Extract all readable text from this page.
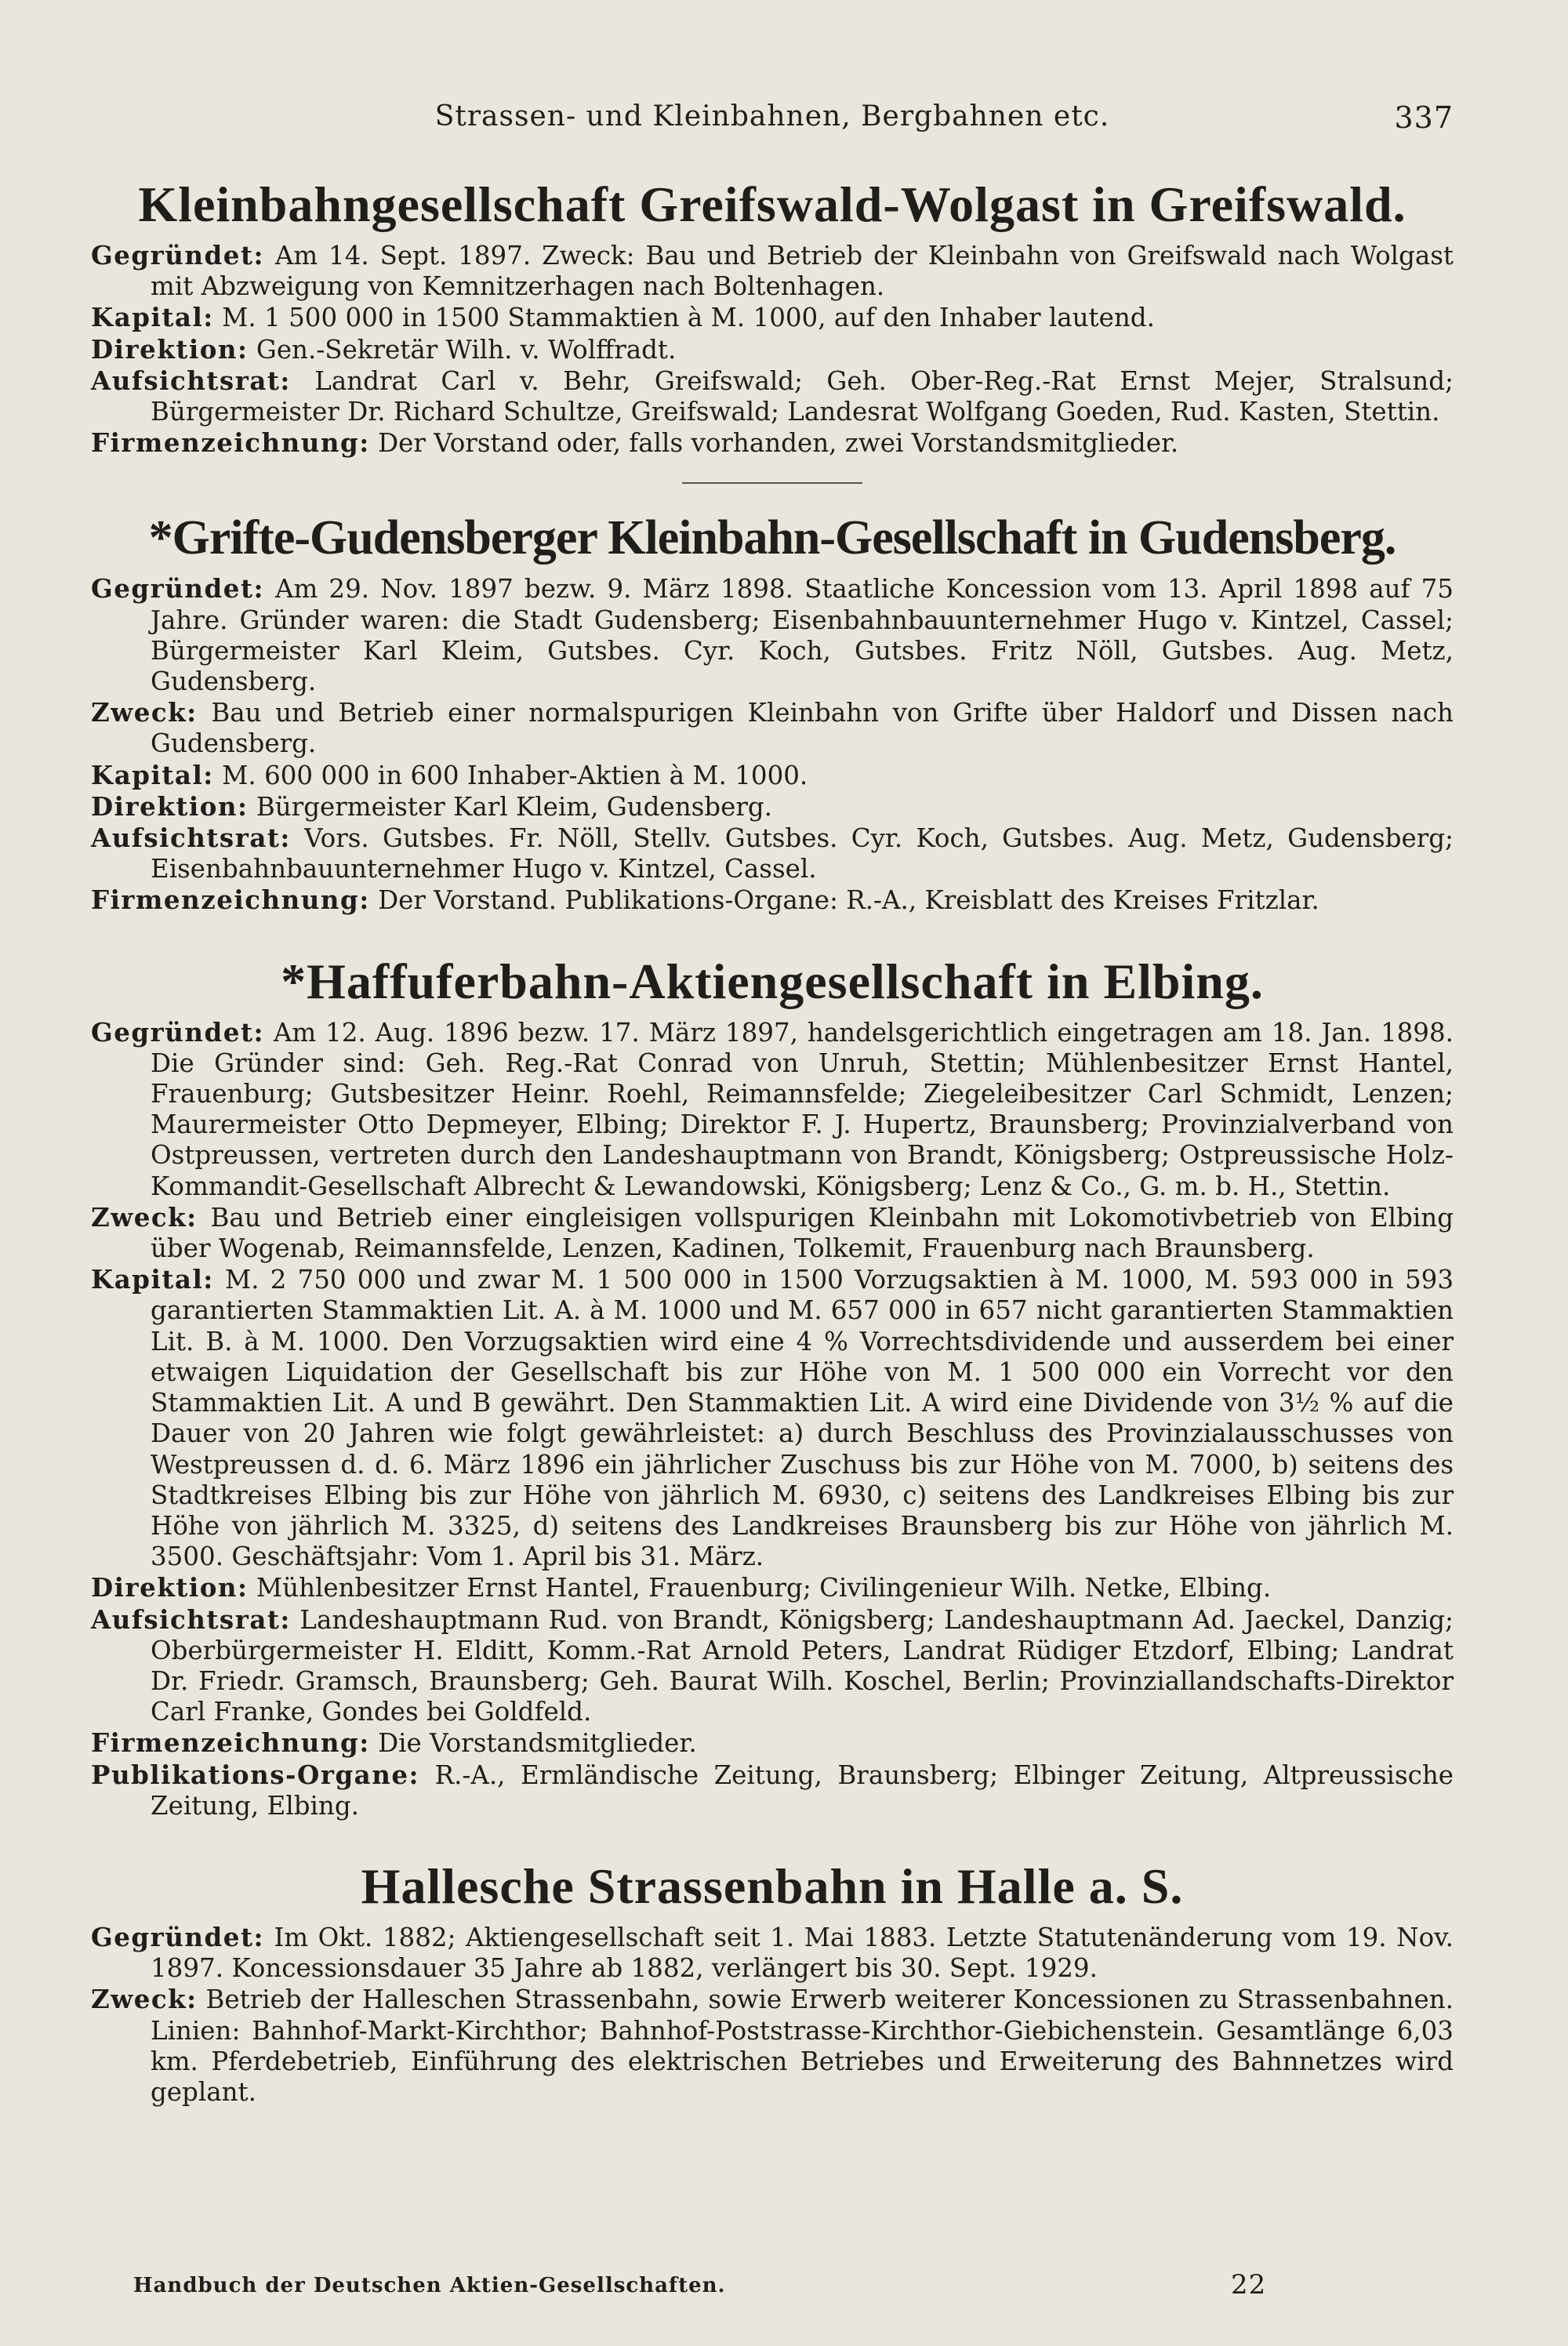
Strassen- und Kleinbahnen, Bergbahnen etc.	337
Kleinbahngesellschaft Greifswald-Wolgast in Greifswald.

Gegründet: Am 14. Sept. 1897. Zweck: Bau und Betrieb der Kleinbahn von Greifswald nach Wolgast mit Abzweigung von Kemnitzerhagen nach Boltenhagen.

Kapital: M. 1 500 000 in 1500 Stammaktien à M. 1000, auf den Inhaber lautend.

Direktion: Gen.-Sekretär Wilh. v. Wolffradt.

Aufsichtsrat: Landrat Carl v. Behr, Greifswald; Geh. Ober-Reg.-Rat Ernst Mejer, Stralsund; Bürgermeister Dr. Richard Schultze, Greifswald; Landesrat Wolfgang Goeden, Rud. Kasten, Stettin.

Firmenzeichnung: Der Vorstand oder, falls vorhanden, zwei Vorstandsmitglieder.

*Grifte-Gudensberger Kleinbahn-Gesellschaft in Gudensberg.

Gegründet: Am 29. Nov. 1897 bezw. 9. März 1898. Staatliche Koncession vom 13. April 1898 auf 75 Jahre. Gründer waren: die Stadt Gudensberg; Eisenbahnbauunternehmer Hugo v. Kintzel, Cassel; Bürgermeister Karl Kleim, Gutsbes. Cyr. Koch, Gutsbes. Fritz Nöll, Gutsbes. Aug. Metz, Gudensberg.

Zweck: Bau und Betrieb einer normalspurigen Kleinbahn von Grifte über Haldorf und Dissen nach Gudensberg.

Kapital: M. 600 000 in 600 Inhaber-Aktien à M. 1000.

Direktion: Bürgermeister Karl Kleim, Gudensberg.

Aufsichtsrat: Vors. Gutsbes. Fr. Nöll, Stellv. Gutsbes. Cyr. Koch, Gutsbes. Aug. Metz, Gudensberg; Eisenbahnbauunternehmer Hugo v. Kintzel, Cassel.

Firmenzeichnung: Der Vorstand. Publikations-Organe: R.-A., Kreisblatt des Kreises Fritzlar.

*Haffuferbahn-Aktiengesellschaft in Elbing.

Gegründet: Am 12. Aug. 1896 bezw. 17. März 1897, handelsgerichtlich eingetragen am 18. Jan. 1898. Die Gründer sind: Geh. Reg.-Rat Conrad von Unruh, Stettin; Mühlenbesitzer Ernst Hantel, Frauenburg; Gutsbesitzer Heinr. Roehl, Reimannsfelde; Ziegeleibesitzer Carl Schmidt, Lenzen; Maurermeister Otto Depmeyer, Elbing; Direktor F. J. Hupertz, Braunsberg; Provinzialverband von Ostpreussen, vertreten durch den Landeshauptmann von Brandt, Königsberg; Ostpreussische Holz-Kommandit-Gesellschaft Albrecht & Lewandowski, Königsberg; Lenz & Co., G. m. b. H., Stettin.

Zweck: Bau und Betrieb einer eingleisigen vollspurigen Kleinbahn mit Lokomotivbetrieb von Elbing über Wogenab, Reimannsfelde, Lenzen, Kadinen, Tolkemit, Frauenburg nach Braunsberg.

Kapital: M. 2 750 000 und zwar M. 1 500 000 in 1500 Vorzugsaktien à M. 1000, M. 593 000 in 593 garantierten Stammaktien Lit. A. à M. 1000 und M. 657 000 in 657 nicht garantierten Stammaktien Lit. B. à M. 1000. Den Vorzugsaktien wird eine 4 % Vorrechtsdividende und ausserdem bei einer etwaigen Liquidation der Gesellschaft bis zur Höhe von M. 1 500 000 ein Vorrecht vor den Stammaktien Lit. A und B gewährt. Den Stammaktien Lit. A wird eine Dividende von 3½ % auf die Dauer von 20 Jahren wie folgt gewährleistet: a) durch Beschluss des Provinzialausschusses von Westpreussen d. d. 6. März 1896 ein jährlicher Zuschuss bis zur Höhe von M. 7000, b) seitens des Stadtkreises Elbing bis zur Höhe von jährlich M. 6930, c) seitens des Landkreises Elbing bis zur Höhe von jährlich M. 3325, d) seitens des Landkreises Braunsberg bis zur Höhe von jährlich M. 3500. Geschäftsjahr: Vom 1. April bis 31. März.

Direktion: Mühlenbesitzer Ernst Hantel, Frauenburg; Civilingenieur Wilh. Netke, Elbing.

Aufsichtsrat: Landeshauptmann Rud. von Brandt, Königsberg; Landeshauptmann Ad. Jaeckel, Danzig; Oberbürgermeister H. Elditt, Komm.-Rat Arnold Peters, Landrat Rüdiger Etzdorf, Elbing; Landrat Dr. Friedr. Gramsch, Braunsberg; Geh. Baurat Wilh. Koschel, Berlin; Provinziallandschafts-Direktor Carl Franke, Gondes bei Goldfeld.

Firmenzeichnung: Die Vorstandsmitglieder.

Publikations-Organe: R.-A., Ermländische Zeitung, Braunsberg; Elbinger Zeitung, Altpreussische Zeitung, Elbing.

Hallesche Strassenbahn in Halle a. S.

Gegründet: Im Okt. 1882; Aktiengesellschaft seit 1. Mai 1883. Letzte Statutenänderung vom 19. Nov. 1897. Koncessionsdauer 35 Jahre ab 1882, verlängert bis 30. Sept. 1929.

Zweck: Betrieb der Halleschen Strassenbahn, sowie Erwerb weiterer Koncessionen zu Strassenbahnen. Linien: Bahnhof-Markt-Kirchthor; Bahnhof-Poststrasse-Kirchthor-Giebichenstein. Gesamtlänge 6,03 km. Pferdebetrieb, Einführung des elektrischen Betriebes und Erweiterung des Bahnnetzes wird geplant.

Handbuch der Deutschen Aktien-Gesellschaften.	22
